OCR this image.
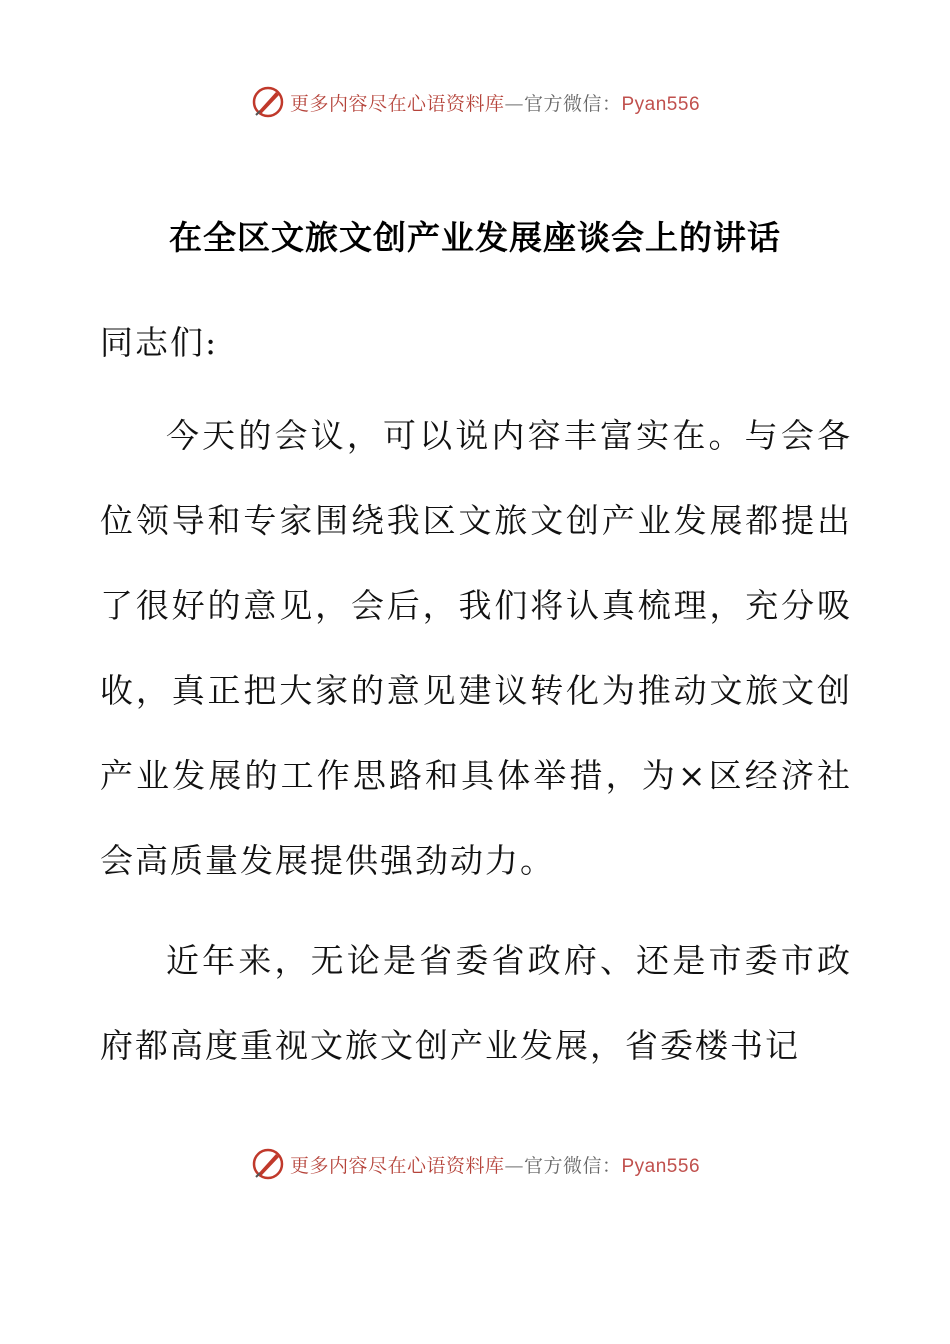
更多内容尽在心语资料库—官方微信：Pyan556
在全区文旅文创产业发展座谈会上的讲话
同志们:

今天的会议，可以说内容丰富实在。与会各位领导和专家围绕我区文旅文创产业发展都提出了很好的意见，会后，我们将认真梳理，充分吸收，真正把大家的意见建议转化为推动文旅文创产业发展的工作思路和具体举措，为×区经济社会高质量发展提供强劲动力。

近年来，无论是省委省政府、还是市委市政府都高度重视文旅文创产业发展，省委楼书记

更多内容尽在心语资料库—官方微信：Pyan556
